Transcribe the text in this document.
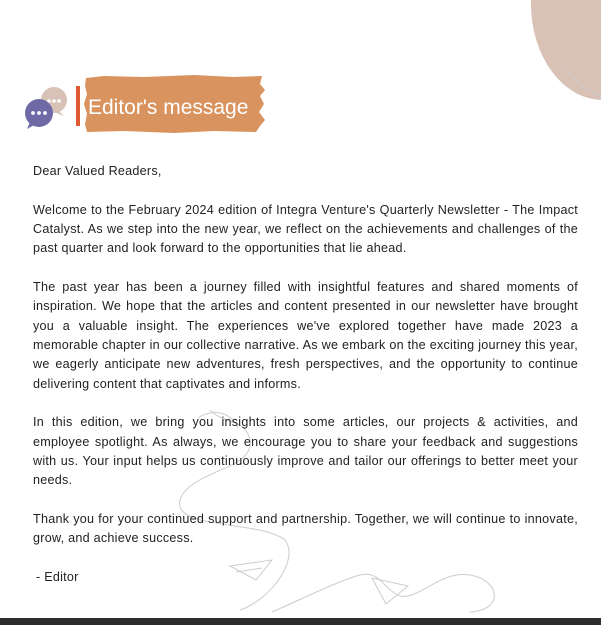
Editor's message

Dear Valued Readers,

Welcome to the February 2024 edition of Integra Venture's Quarterly Newsletter - The Impact Catalyst. As we step into the new year, we reflect on the achievements and challenges of the past quarter and look forward to the opportunities that lie ahead.

The past year has been a journey filled with insightful features and shared moments of inspiration. We hope that the articles and content presented in our newsletter have brought you a valuable insight. The experiences we've explored together have made 2023 a memorable chapter in our collective narrative. As we embark on the exciting journey this year, we eagerly anticipate new adventures, fresh perspectives, and the opportunity to continue delivering content that captivates and informs.

In this edition, we bring you insights into some articles, our projects & activities, and employee spotlight. As always, we encourage you to share your feedback and suggestions with us. Your input helps us continuously improve and tailor our offerings to better meet your needs.

Thank you for your continued support and partnership. Together, we will continue to innovate, grow, and achieve success.

- Editor
